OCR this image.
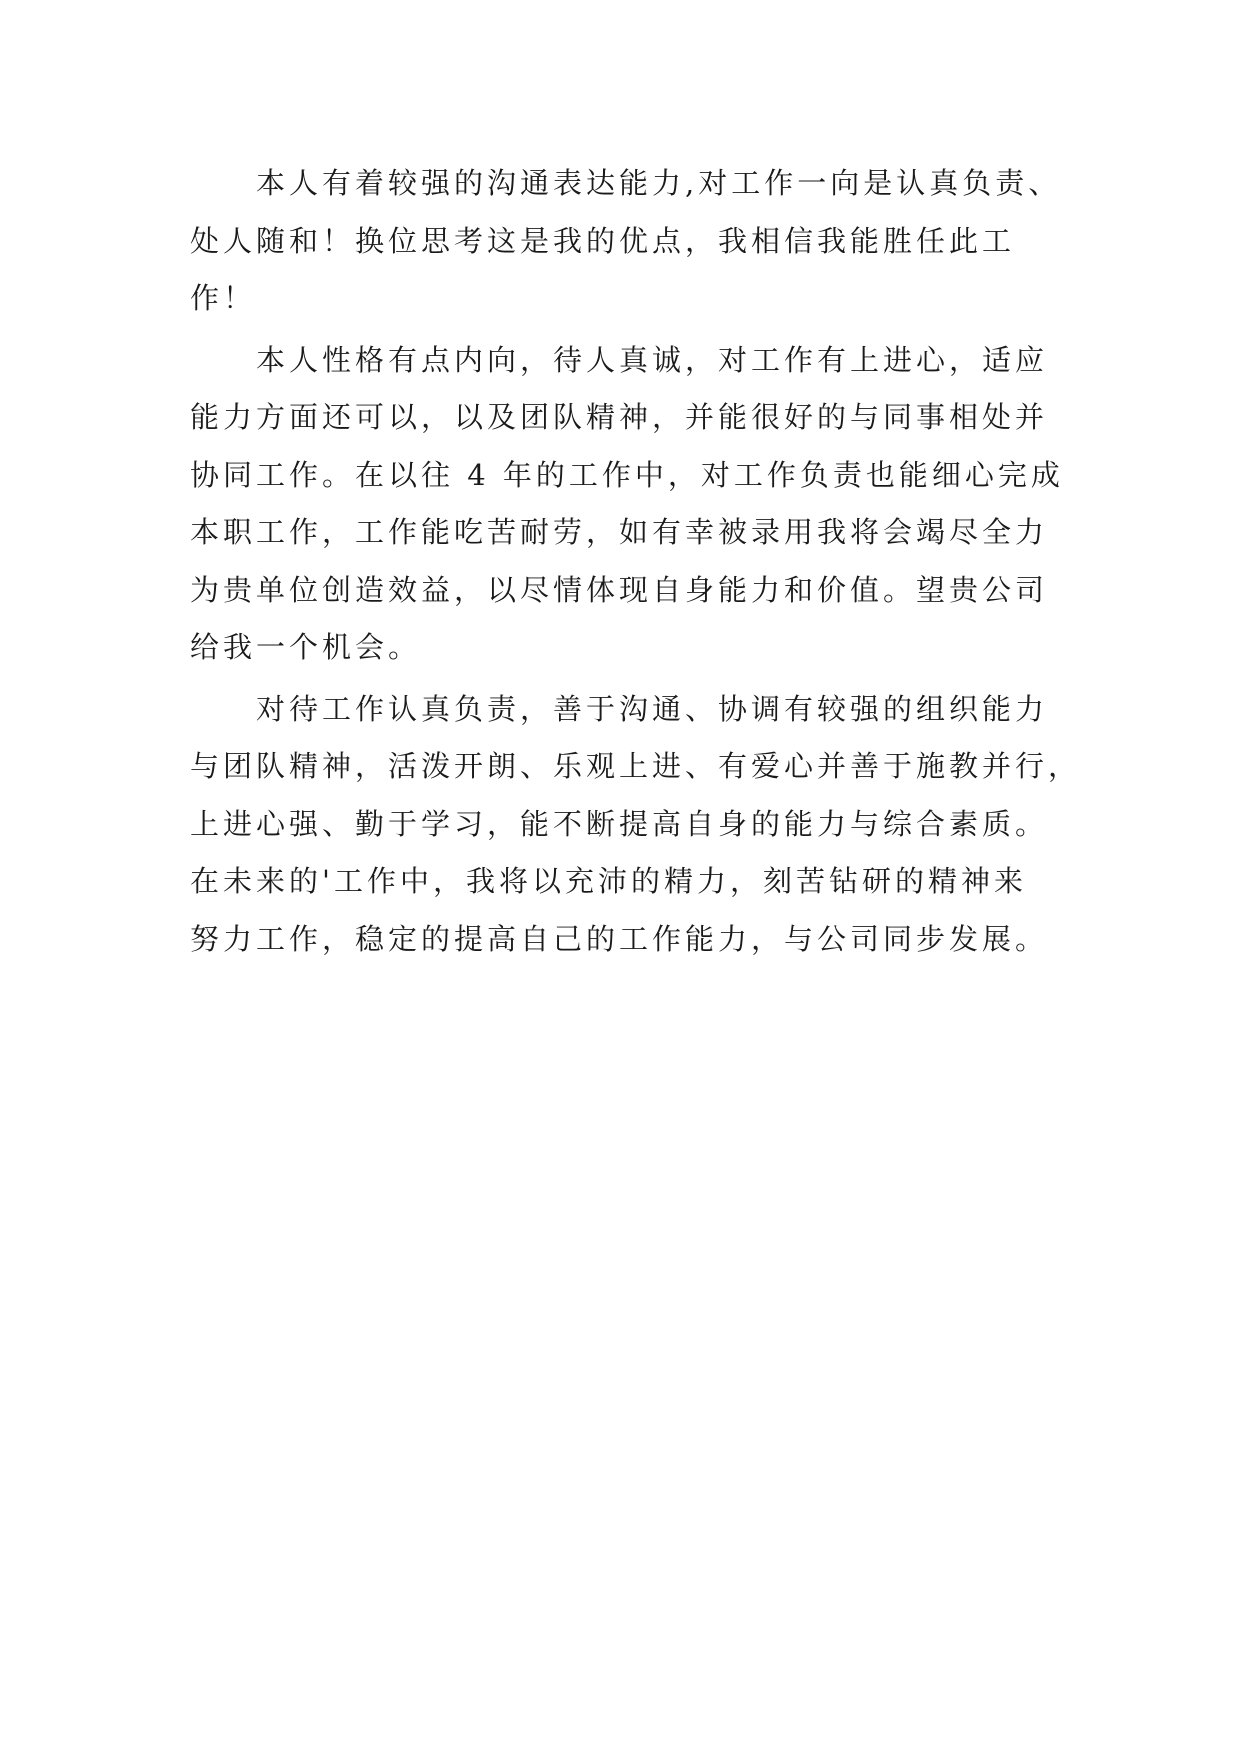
本人有着较强的沟通表达能力,对工作一向是认真负责、
处人随和！换位思考这是我的优点，我相信我能胜任此工
作！
本人性格有点内向，待人真诚，对工作有上进心，适应
能力方面还可以，以及团队精神，并能很好的与同事相处并
协同工作。在以往 4 年的工作中，对工作负责也能细心完成
本职工作，工作能吃苦耐劳，如有幸被录用我将会竭尽全力
为贵单位创造效益，以尽情体现自身能力和价值。望贵公司
给我一个机会。
对待工作认真负责，善于沟通、协调有较强的组织能力
与团队精神，活泼开朗、乐观上进、有爱心并善于施教并行，
上进心强、勤于学习，能不断提高自身的能力与综合素质。
在未来的'工作中，我将以充沛的精力，刻苦钻研的精神来
努力工作，稳定的提高自己的工作能力，与公司同步发展。
